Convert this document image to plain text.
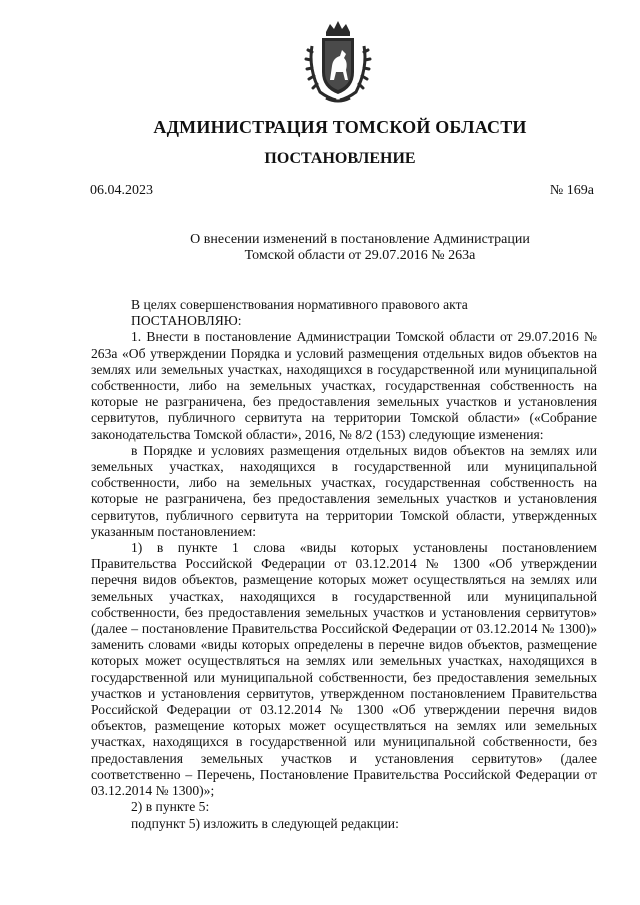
АДМИНИСТРАЦИЯ ТОМСКОЙ ОБЛАСТИ
ПОСТАНОВЛЕНИЕ
06.04.2023	№ 169а
О внесении изменений в постановление Администрации
Томской области от 29.07.2016 № 263а

В целях совершенствования нормативного правового акта

ПОСТАНОВЛЯЮ:

1. Внести в постановление Администрации Томской области от 29.07.2016 № 263а «Об утверждении Порядка и условий размещения отдельных видов объектов на землях или земельных участках, находящихся в государственной или муниципальной собственности, либо на земельных участках, государственная собственность на которые не разграничена, без предоставления земельных участков и установления сервитутов, публичного сервитута на территории Томской области» («Собрание законодательства Томской области», 2016, № 8/2 (153) следующие изменения:

в Порядке и условиях размещения отдельных видов объектов на землях или земельных участках, находящихся в государственной или муниципальной собственности, либо на земельных участках, государственная собственность на которые не разграничена, без предоставления земельных участков и установления сервитутов, публичного сервитута на территории Томской области, утвержденных указанным постановлением:

1) в пункте 1 слова «виды которых установлены постановлением Правительства Российской Федерации от 03.12.2014 № 1300 «Об утверждении перечня видов объектов, размещение которых может осуществляться на землях или земельных участках, находящихся в государственной или муниципальной собственности, без предоставления земельных участков и установления сервитутов» (далее – постановление Правительства Российской Федерации от 03.12.2014 № 1300)» заменить словами «виды которых определены в перечне видов объектов, размещение которых может осуществляться на землях или земельных участках, находящихся в государственной или муниципальной собственности, без предоставления земельных участков и установления сервитутов, утвержденном постановлением Правительства Российской Федерации от 03.12.2014 № 1300 «Об утверждении перечня видов объектов, размещение которых может осуществляться на землях или земельных участках, находящихся в государственной или муниципальной собственности, без предоставления земельных участков и установления сервитутов» (далее соответственно – Перечень, Постановление Правительства Российской Федерации от 03.12.2014 № 1300)»;

2) в пункте 5:

подпункт 5) изложить в следующей редакции:
